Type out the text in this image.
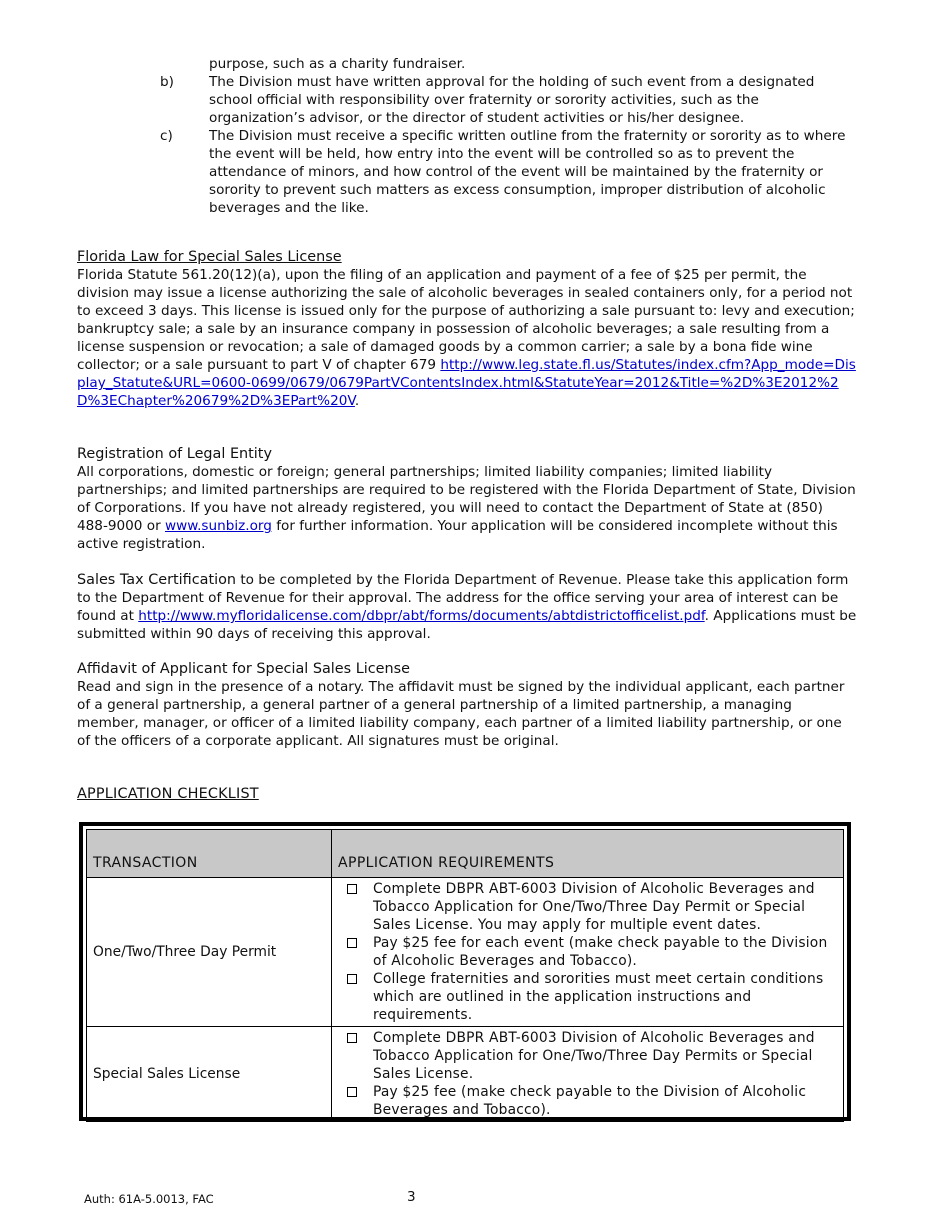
purpose, such as a charity fundraiser.
b)	The Division must have written approval for the holding of such event from a designated school official with responsibility over fraternity or sorority activities, such as the organization’s advisor, or the director of student activities or his/her designee.
c)	The Division must receive a specific written outline from the fraternity or sorority as to where the event will be held, how entry into the event will be controlled so as to prevent the attendance of minors, and how control of the event will be maintained by the fraternity or sorority to prevent such matters as excess consumption, improper distribution of alcoholic beverages and the like.
Florida Law for Special Sales License
Florida Statute 561.20(12)(a), upon the filing of an application and payment of a fee of $25 per permit, the division may issue a license authorizing the sale of alcoholic beverages in sealed containers only, for a period not to exceed 3 days. This license is issued only for the purpose of authorizing a sale pursuant to: levy and execution; bankruptcy sale; a sale by an insurance company in possession of alcoholic beverages; a sale resulting from a license suspension or revocation; a sale of damaged goods by a common carrier; a sale by a bona fide wine collector; or a sale pursuant to part V of chapter 679 http://www.leg.state.fl.us/Statutes/index.cfm?App_mode=Display_Statute&URL=0600-0699/0679/0679PartVContentsIndex.html&StatuteYear=2012&Title=%2D%3E2012%2D%3EChapter%20679%2D%3EPart%20V.
Registration of Legal Entity
All corporations, domestic or foreign; general partnerships; limited liability companies; limited liability partnerships; and limited partnerships are required to be registered with the Florida Department of State, Division of Corporations. If you have not already registered, you will need to contact the Department of State at (850) 488-9000 or www.sunbiz.org for further information. Your application will be considered incomplete without this active registration.
Sales Tax Certification to be completed by the Florida Department of Revenue. Please take this application form to the Department of Revenue for their approval. The address for the office serving your area of interest can be found at http://www.myfloridalicense.com/dbpr/abt/forms/documents/abtdistrictofficelist.pdf. Applications must be submitted within 90 days of receiving this approval.
Affidavit of Applicant for Special Sales License
Read and sign in the presence of a notary. The affidavit must be signed by the individual applicant, each partner of a general partnership, a general partner of a general partnership of a limited partnership, a managing member, manager, or officer of a limited liability company, each partner of a limited liability partnership, or one of the officers of a corporate applicant. All signatures must be original.
APPLICATION CHECKLIST
TRANSACTION	APPLICATION REQUIREMENTS
One/Two/Three Day Permit	Complete DBPR ABT-6003 Division of Alcoholic Beverages and Tobacco Application for One/Two/Three Day Permit or Special Sales License. You may apply for multiple event dates.
Pay $25 fee for each event (make check payable to the Division of Alcoholic Beverages and Tobacco).
College fraternities and sororities must meet certain conditions which are outlined in the application instructions and requirements.

Special Sales License	Complete DBPR ABT-6003 Division of Alcoholic Beverages and Tobacco Application for One/Two/Three Day Permits or Special Sales License.
Pay $25 fee (make check payable to the Division of Alcoholic Beverages and Tobacco).
Auth: 61A-5.0013, FAC	3
